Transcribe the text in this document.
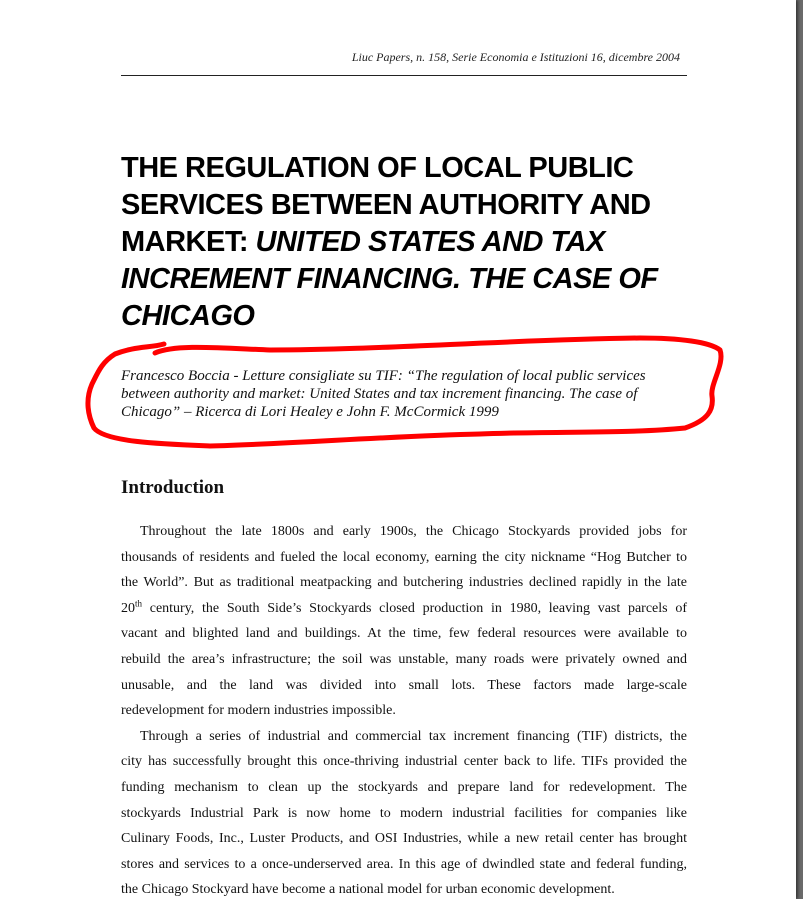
Liuc Papers, n. 158, Serie Economia e Istituzioni 16, dicembre 2004
THE REGULATION OF LOCAL PUBLIC
SERVICES BETWEEN AUTHORITY AND
MARKET: UNITED STATES AND TAX
INCREMENT FINANCING. THE CASE OF
CHICAGO
Francesco Boccia - Letture consigliate su TIF: “The regulation of local public services
between authority and market: United States and tax increment financing. The case of
Chicago” – Ricerca di Lori Healey e John F. McCormick 1999
Introduction
Throughout the late 1800s and early 1900s, the Chicago Stockyards provided jobs for
thousands of residents and fueled the local economy, earning the city nickname “Hog Butcher to
the World”. But as traditional meatpacking and butchering industries declined rapidly in the late
20th century, the South Side’s Stockyards closed production in 1980, leaving vast parcels of
vacant and blighted land and buildings. At the time, few federal resources were available to
rebuild the area’s infrastructure; the soil was unstable, many roads were privately owned and
unusable, and the land was divided into small lots. These factors made large-scale
redevelopment for modern industries impossible.
Through a series of industrial and commercial tax increment financing (TIF) districts, the
city has successfully brought this once-thriving industrial center back to life. TIFs provided the
funding mechanism to clean up the stockyards and prepare land for redevelopment. The
stockyards Industrial Park is now home to modern industrial facilities for companies like
Culinary Foods, Inc., Luster Products, and OSI Industries, while a new retail center has brought
stores and services to a once-underserved area. In this age of dwindled state and federal funding,
the Chicago Stockyard have become a national model for urban economic development.
